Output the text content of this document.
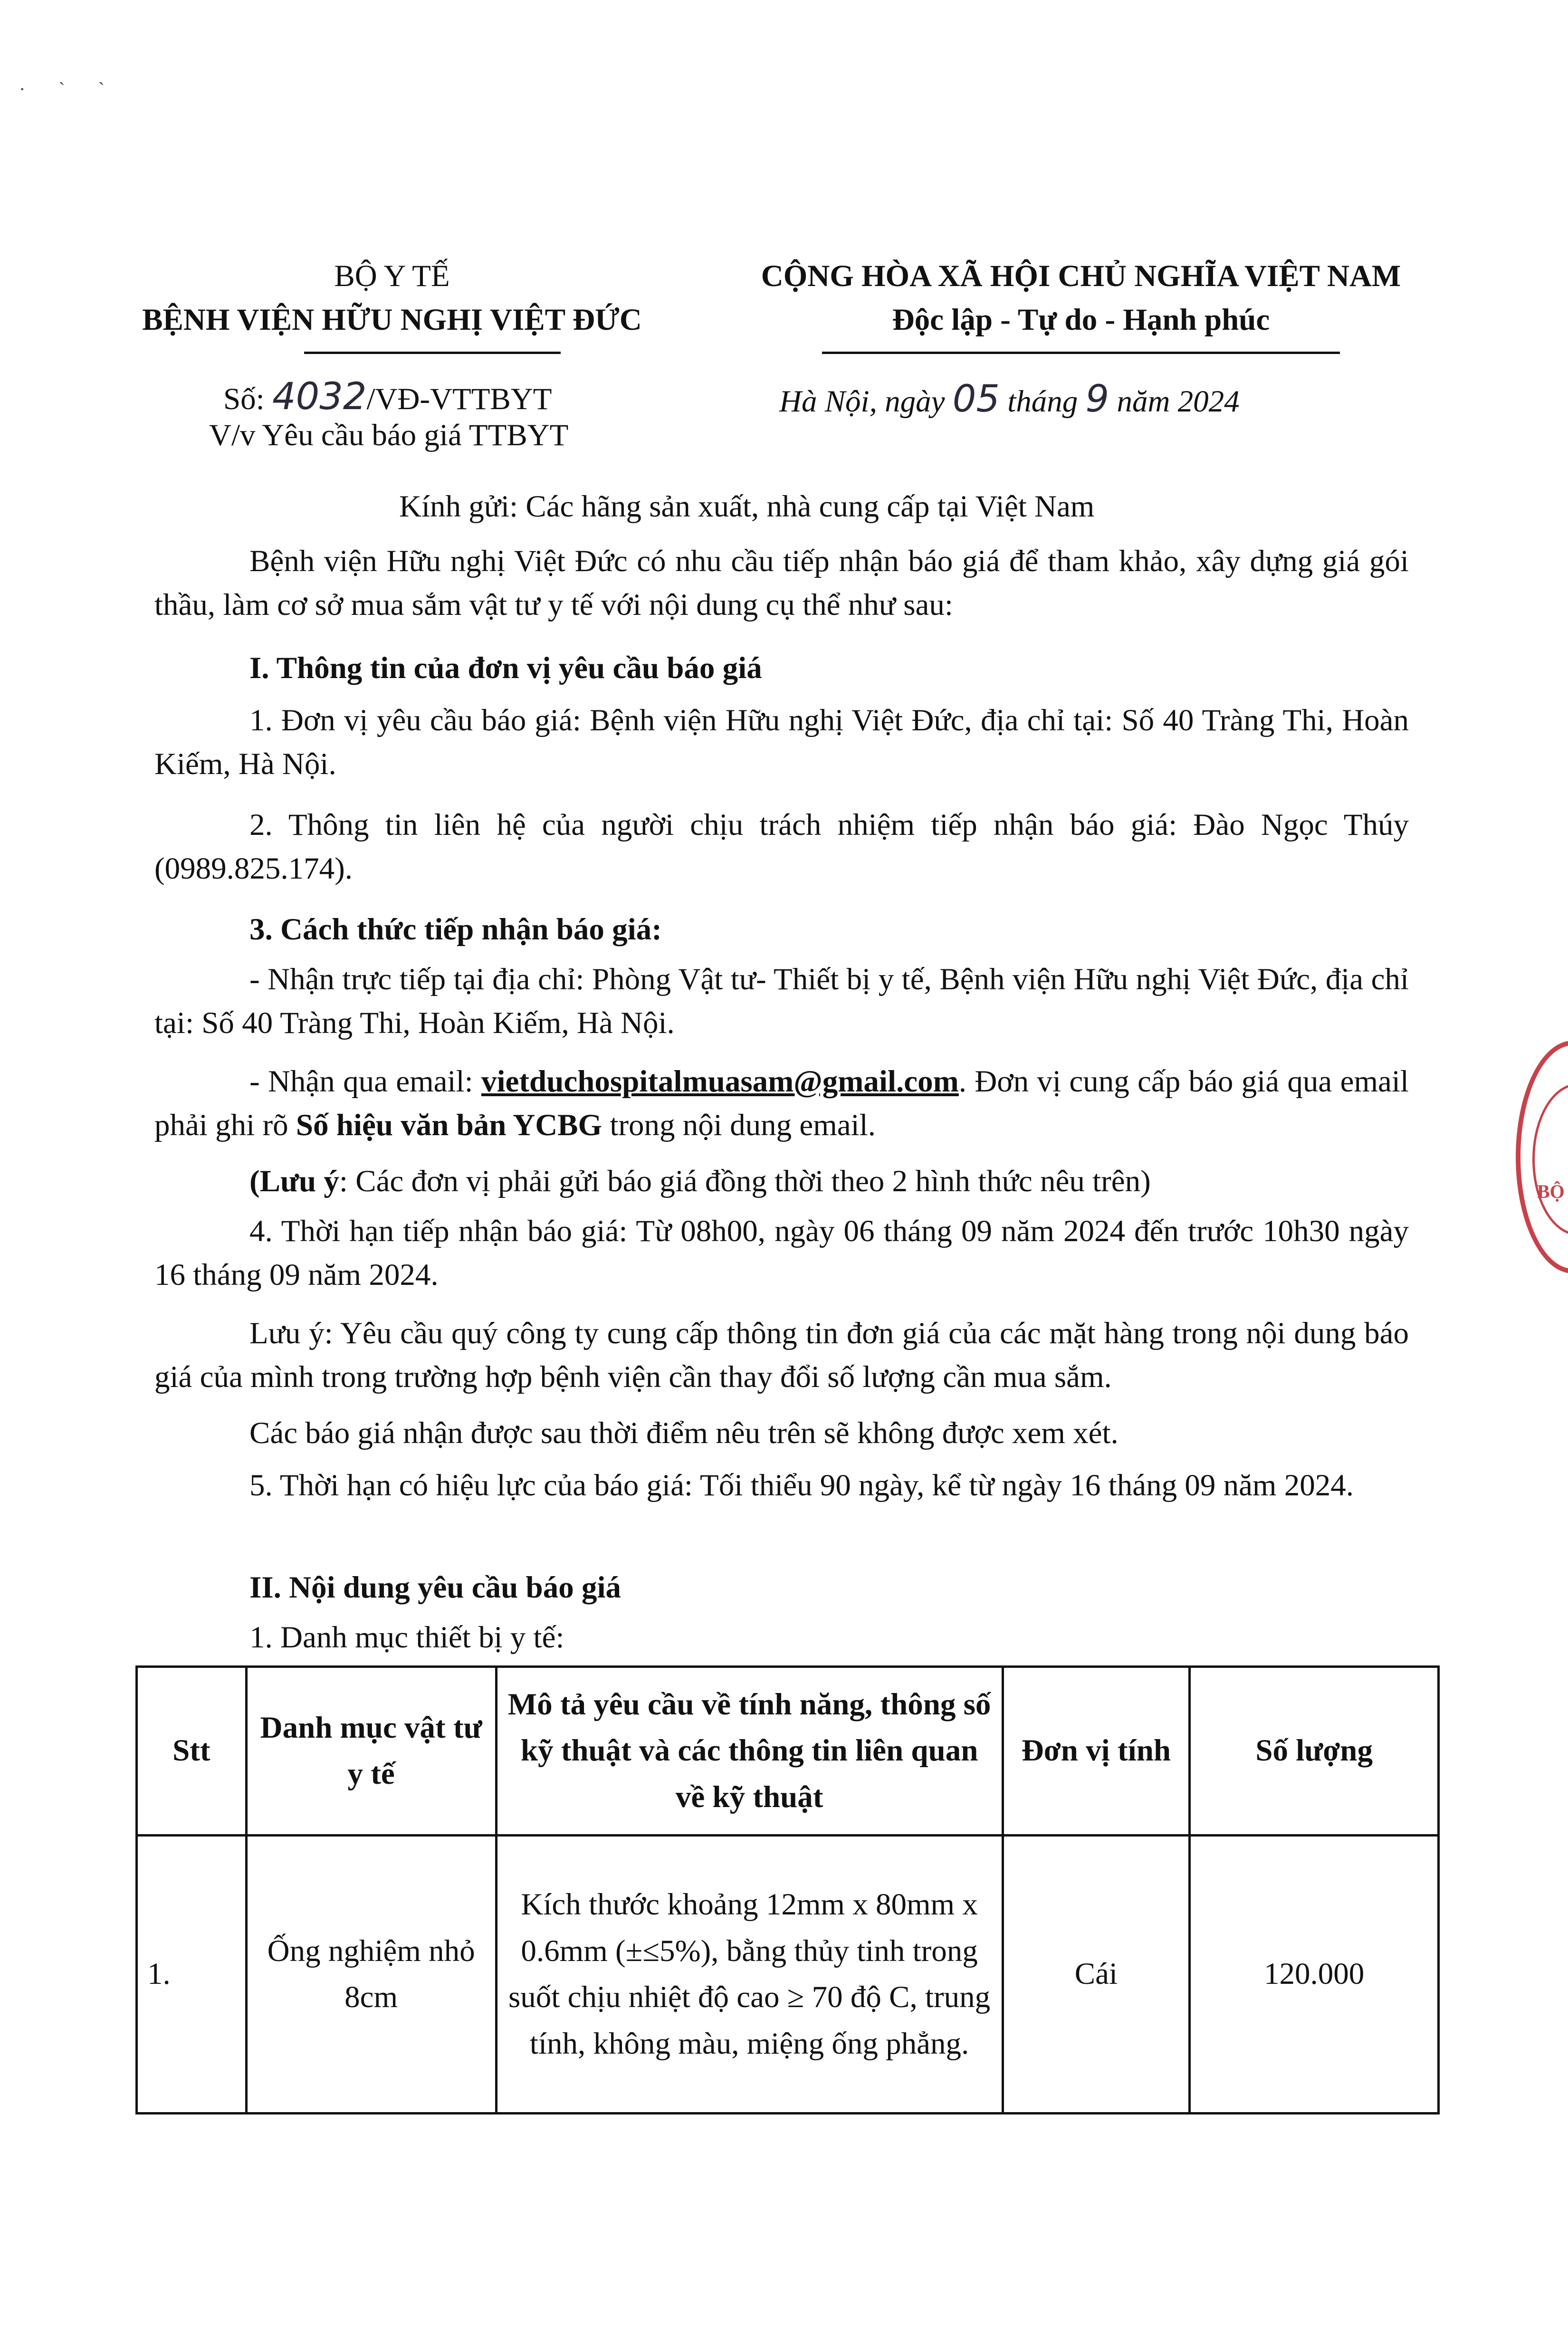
· ` `
BỘ Y TẾ
BỆNH VIỆN HỮU NGHỊ VIỆT ĐỨC
CỘNG HÒA XÃ HỘI CHỦ NGHĨA VIỆT NAM
Độc lập - Tự do - Hạnh phúc
Số: 4032/VĐ-VTTBYT
V/v Yêu cầu báo giá TTBYT
Hà Nội, ngày 05 tháng 9 năm 2024
Kính gửi: Các hãng sản xuất, nhà cung cấp tại Việt Nam
Bệnh viện Hữu nghị Việt Đức có nhu cầu tiếp nhận báo giá để tham khảo, xây dựng giá gói thầu, làm cơ sở mua sắm vật tư y tế với nội dung cụ thể như sau:
I. Thông tin của đơn vị yêu cầu báo giá
1. Đơn vị yêu cầu báo giá: Bệnh viện Hữu nghị Việt Đức, địa chỉ tại: Số 40 Tràng Thi, Hoàn Kiếm, Hà Nội.
2. Thông tin liên hệ của người chịu trách nhiệm tiếp nhận báo giá: Đào Ngọc Thúy (0989.825.174).
3. Cách thức tiếp nhận báo giá:
- Nhận trực tiếp tại địa chỉ: Phòng Vật tư- Thiết bị y tế, Bệnh viện Hữu nghị Việt Đức, địa chỉ tại: Số 40 Tràng Thi, Hoàn Kiếm, Hà Nội.
- Nhận qua email: vietduchospitalmuasam@gmail.com. Đơn vị cung cấp báo giá qua email phải ghi rõ Số hiệu văn bản YCBG trong nội dung email.
(Lưu ý: Các đơn vị phải gửi báo giá đồng thời theo 2 hình thức nêu trên)
4. Thời hạn tiếp nhận báo giá: Từ 08h00, ngày 06 tháng 09 năm 2024 đến trước 10h30 ngày 16 tháng 09 năm 2024.
Lưu ý: Yêu cầu quý công ty cung cấp thông tin đơn giá của các mặt hàng trong nội dung báo giá của mình trong trường hợp bệnh viện cần thay đổi số lượng cần mua sắm.
Các báo giá nhận được sau thời điểm nêu trên sẽ không được xem xét.
5. Thời hạn có hiệu lực của báo giá: Tối thiểu 90 ngày, kể từ ngày 16 tháng 09 năm 2024.
II. Nội dung yêu cầu báo giá
1. Danh mục thiết bị y tế:
Stt	Danh mục vật tư y tế	Mô tả yêu cầu về tính năng, thông số kỹ thuật và các thông tin liên quan về kỹ thuật	Đơn vị tính	Số lượng
1.	Ống nghiệm nhỏ 8cm	Kích thước khoảng 12mm x 80mm x 0.6mm (±≤5%), bằng thủy tinh trong suốt chịu nhiệt độ cao ≥ 70 độ C, trung tính, không màu, miệng ống phẳng.	Cái	120.000
BỘ
